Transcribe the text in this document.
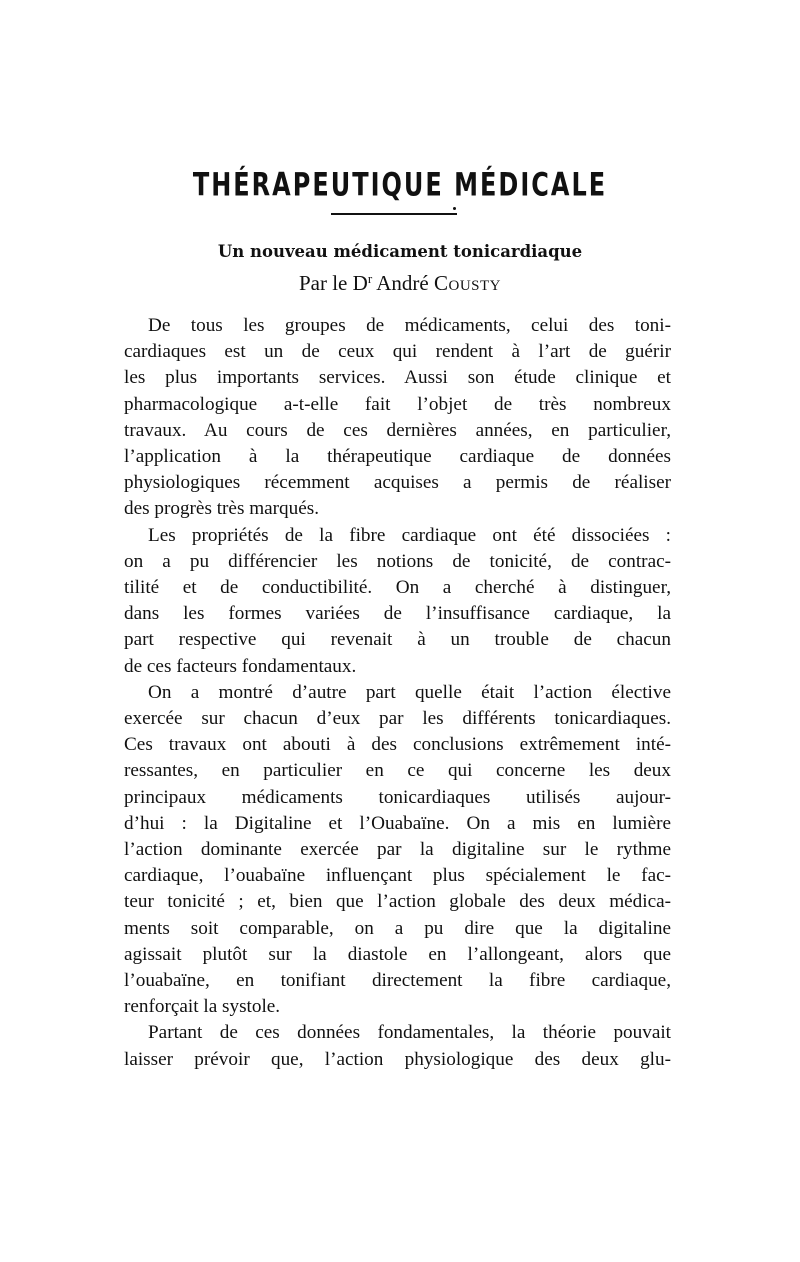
THÉRAPEUTIQUE MÉDICALE
Un nouveau médicament tonicardiaque
Par le $D^r$ André Cousty
De tous les groupes de médicaments, celui des toni-
cardiaques est un de ceux qui rendent à l’art de guérir
les plus importants services. Aussi son étude clinique et
pharmacologique a-t-elle fait l’objet de très nombreux
travaux. Au cours de ces dernières années, en particulier,
l’application à la thérapeutique cardiaque de données
physiologiques récemment acquises a permis de réaliser
des progrès très marqués.
Les propriétés de la fibre cardiaque ont été dissociées :
on a pu différencier les notions de tonicité, de contrac-
tilité et de conductibilité. On a cherché à distinguer,
dans les formes variées de l’insuffisance cardiaque, la
part respective qui revenait à un trouble de chacun
de ces facteurs fondamentaux.
On a montré d’autre part quelle était l’action élective
exercée sur chacun d’eux par les différents tonicardiaques.
Ces travaux ont abouti à des conclusions extrêmement inté-
ressantes, en particulier en ce qui concerne les deux
principaux médicaments tonicardiaques utilisés aujour-
d’hui : la Digitaline et l’Ouabaïne. On a mis en lumière
l’action dominante exercée par la digitaline sur le rythme
cardiaque, l’ouabaïne influençant plus spécialement le fac-
teur tonicité ; et, bien que l’action globale des deux médica-
ments soit comparable, on a pu dire que la digitaline
agissait plutôt sur la diastole en l’allongeant, alors que
l’ouabaïne, en tonifiant directement la fibre cardiaque,
renforçait la systole.
Partant de ces données fondamentales, la théorie pouvait
laisser prévoir que, l’action physiologique des deux glu-
